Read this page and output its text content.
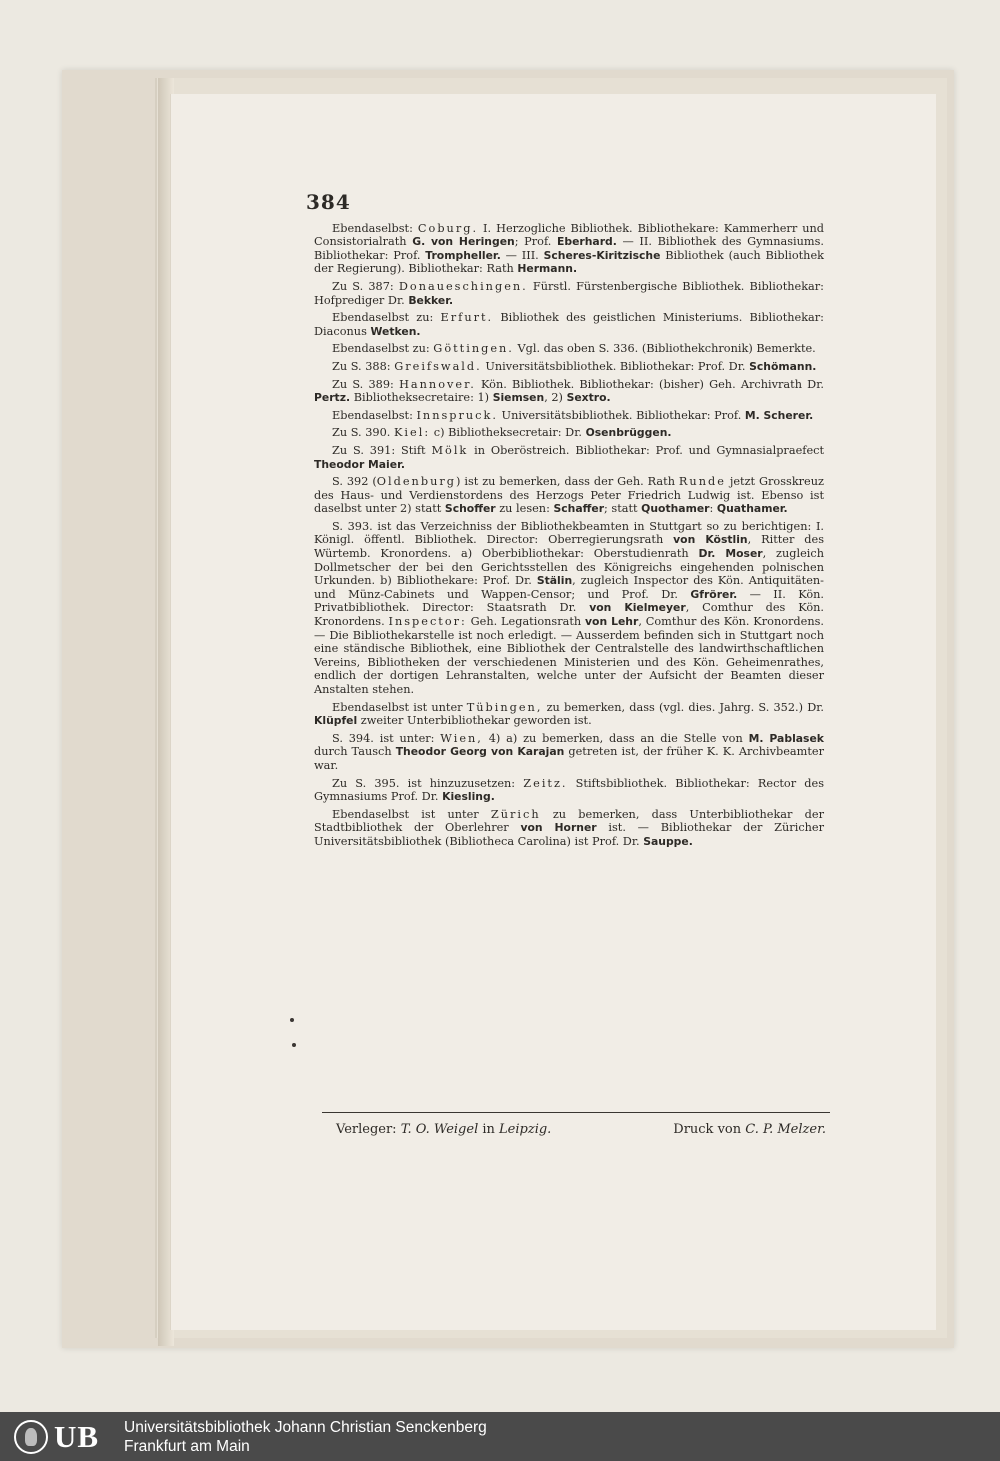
384

Ebendaselbst: Coburg. I. Herzogliche Bibliothek. Bibliothekare: Kammerherr und Consistorialrath G. von Heringen; Prof. Eberhard. — II. Bibliothek des Gymnasiums. Bibliothekar: Prof. Trompheller. — III. Scheres-Kiritzische Bibliothek (auch Bibliothek der Regierung). Bibliothekar: Rath Hermann.

Zu S. 387: Donaueschingen. Fürstl. Fürstenbergische Bibliothek. Bibliothekar: Hofprediger Dr. Bekker.

Ebendaselbst zu: Erfurt. Bibliothek des geistlichen Ministeriums. Bibliothekar: Diaconus Wetken.

Ebendaselbst zu: Göttingen. Vgl. das oben S. 336. (Bibliothekchronik) Bemerkte.

Zu S. 388: Greifswald. Universitätsbibliothek. Bibliothekar: Prof. Dr. Schömann.

Zu S. 389: Hannover. Kön. Bibliothek. Bibliothekar: (bisher) Geh. Archivrath Dr. Pertz. Bibliotheksecretaire: 1) Siemsen, 2) Sextro.

Ebendaselbst: Innspruck. Universitätsbibliothek. Bibliothekar: Prof. M. Scherer.

Zu S. 390. Kiel: c) Bibliotheksecretair: Dr. Osenbrüggen.

Zu S. 391: Stift Mölk in Oberöstreich. Bibliothekar: Prof. und Gymnasialpraefect Theodor Maier.

S. 392 (Oldenburg) ist zu bemerken, dass der Geh. Rath Runde jetzt Grosskreuz des Haus- und Verdienstordens des Herzogs Peter Friedrich Ludwig ist. Ebenso ist daselbst unter 2) statt Schoffer zu lesen: Schaffer; statt Quothamer: Quathamer.

S. 393. ist das Verzeichniss der Bibliothekbeamten in Stuttgart so zu berichtigen: I. Königl. öffentl. Bibliothek. Director: Oberregierungsrath von Köstlin, Ritter des Würtemb. Kronordens. a) Oberbibliothekar: Oberstudienrath Dr. Moser, zugleich Dollmetscher der bei den Gerichtsstellen des Königreichs eingehenden polnischen Urkunden. b) Bibliothekare: Prof. Dr. Stälin, zugleich Inspector des Kön. Antiquitäten- und Münz-Cabinets und Wappen-Censor; und Prof. Dr. Gfrörer. — II. Kön. Privatbibliothek. Director: Staatsrath Dr. von Kielmeyer, Comthur des Kön. Kronordens. Inspector: Geh. Legationsrath von Lehr, Comthur des Kön. Kronordens. — Die Bibliothekarstelle ist noch erledigt. — Ausserdem befinden sich in Stuttgart noch eine ständische Bibliothek, eine Bibliothek der Centralstelle des landwirthschaftlichen Vereins, Bibliotheken der verschiedenen Ministerien und des Kön. Geheimenrathes, endlich der dortigen Lehranstalten, welche unter der Aufsicht der Beamten dieser Anstalten stehen.

Ebendaselbst ist unter Tübingen, zu bemerken, dass (vgl. dies. Jahrg. S. 352.) Dr. Klüpfel zweiter Unterbibliothekar geworden ist.

S. 394. ist unter: Wien, 4) a) zu bemerken, dass an die Stelle von M. Pablasek durch Tausch Theodor Georg von Karajan getreten ist, der früher K. K. Archivbeamter war.

Zu S. 395. ist hinzuzusetzen: Zeitz. Stiftsbibliothek. Bibliothekar: Rector des Gymnasiums Prof. Dr. Kiesling.

Ebendaselbst ist unter Zürich zu bemerken, dass Unterbibliothekar der Stadtbibliothek der Oberlehrer von Horner ist. — Bibliothekar der Züricher Universitätsbibliothek (Bibliotheca Carolina) ist Prof. Dr. Sauppe.

Verleger: T. O. Weigel in Leipzig.	Druck von C. P. Melzer.
UB Universitätsbibliothek Johann Christian Senckenberg
Frankfurt am Main
